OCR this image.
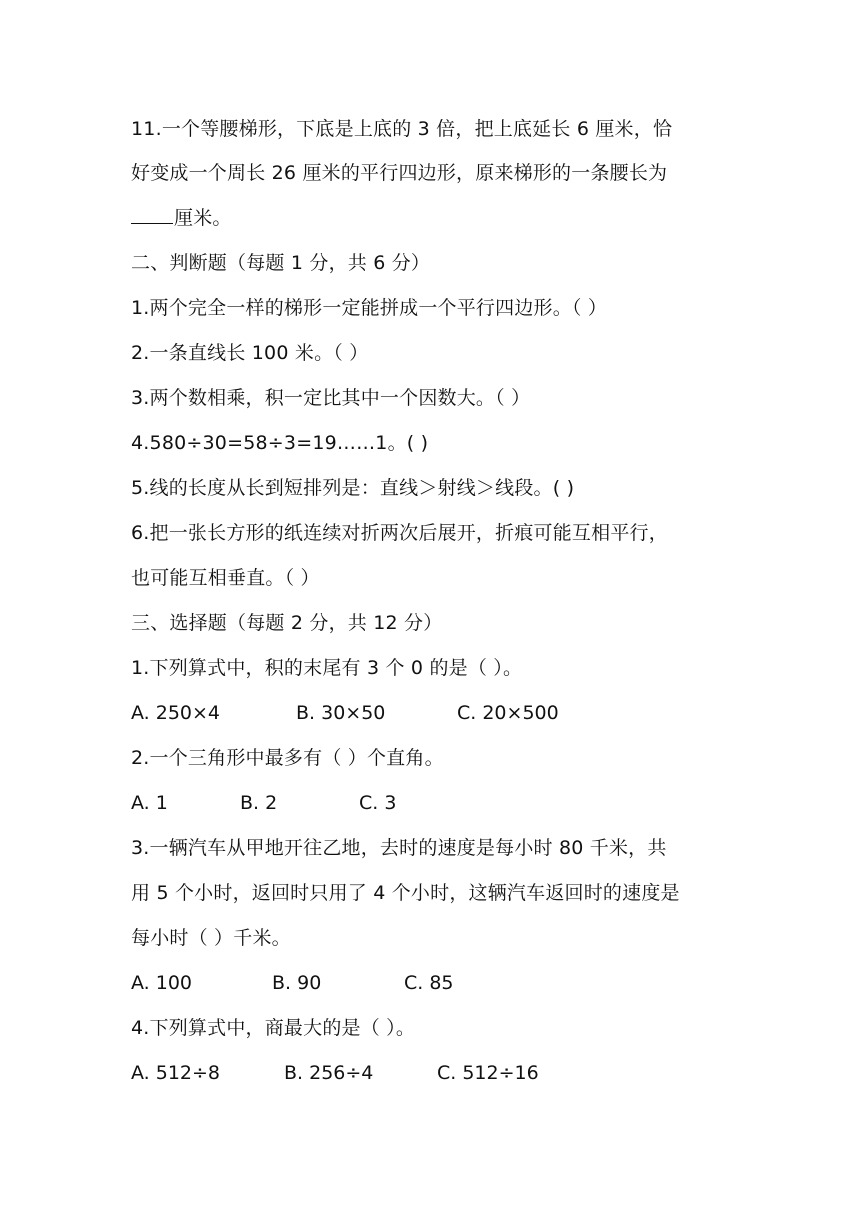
11.一个等腰梯形，下底是上底的 3 倍，把上底延长 6 厘米，恰
好变成一个周长 26 厘米的平行四边形，原来梯形的一条腰长为
厘米。
二、判断题（每题 1 分，共 6 分）
1.两个完全一样的梯形一定能拼成一个平行四边形。（ ）
2.一条直线长 100 米。（ ）
3.两个数相乘，积一定比其中一个因数大。（ ）
4.580÷30=58÷3=19……1。( )
5.线的长度从长到短排列是：直线＞射线＞线段。( )
6.把一张长方形的纸连续对折两次后展开，折痕可能互相平行，
也可能互相垂直。（ ）
三、选择题（每题 2 分，共 12 分）
1.下列算式中，积的末尾有 3 个 0 的是（ ）。
A. 250×4	B. 30×50	C. 20×500
2.一个三角形中最多有（ ）个直角。
A. 1	B. 2	C. 3
3.一辆汽车从甲地开往乙地，去时的速度是每小时 80 千米，共
用 5 个小时，返回时只用了 4 个小时，这辆汽车返回时的速度是
每小时（ ）千米。
A. 100	B. 90	C. 85
4.下列算式中，商最大的是（ ）。
A. 512÷8	B. 256÷4	C. 512÷16
